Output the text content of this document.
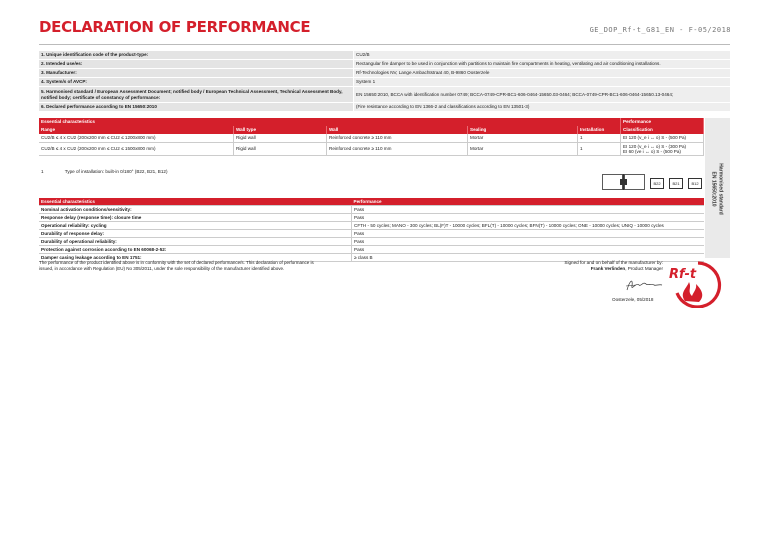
DECLARATION OF PERFORMANCE	GE_DOP_Rf-t_G81_EN - F-05/2018
1. Unique identification code of the product-type:	CU2/B
2. Intended use/es:	Rectangular fire damper to be used in conjunction with partitions to maintain fire compartments in heating, ventilating and air conditioning installations.
3. Manufacturer:	Rf-Technologies NV, Lange Ambachtstraat 40, B-9860 Oosterzele
4. System/s of AVCP:	System 1
5. Harmonised standard / European Assessment Document; notified body / European Technical Assessment, Technical Assessment Body, notified body; certificate of constancy of performance:	EN 15650:2010, BCCA with identification number 0749; BCCA-0749-CPR-BC1-606-0464-15650.03-0464; BCCA-0749-CPR-BC1-606-0464-15650.13-0464;
6. Declared performance according to EN 15650:2010	(Fire resistance according to EN 1366-2 and classifications according to EN 13501-3)
Essential characteristics					Performance
Range	Wall type	Wall	Sealing	Installation	Classification
CU2/B ≤ 4 x CU2 (200x200 mm ≤ CU2 ≤ 1200x800 mm)	Rigid wall	Reinforced concrete ≥ 110 mm	Mortar	1	EI 120 (v_e i ↔ o) S - (500 Pa)

CU2/B ≤ 4 x CU2 (200x200 mm ≤ CU2 ≤ 1500x800 mm)	Rigid wall	Reinforced concrete ≥ 110 mm	Mortar	1	EI 120 (v_e i ↔ o) S - (300 Pa)
EI 60 (ve i ↔ o) S - (500 Pa)
1	Type of installation: built-in 0/180° (B22, B21, B12)
B22	B21	B12
Essential characteristics	Performance
Nominal activation conditions/sensitivity:	Pass
Response delay (response time): closure time	Pass
Operational reliability: cycling	CFTH - 50 cycles; MANO - 300 cycles; BL(F)T - 10000 cycles; BFL(T) - 10000 cycles; BFN(T) - 10000 cycles; ONE - 10000 cycles; UNIQ - 10000 cycles
Durability of response delay:	Pass
Durability of operational reliability:	Pass
Protection against corrosion according to EN 60068-2-52:	Pass
Damper casing leakage according to EN 1751:	≥ class B
Harmonised standard
EN 15650:2010
The performance of the product identified above is in conformity with the set of declared performance/s. This declaration of performance is issued, in accordance with Regulation (EU) No 305/2011, under the sole responsibility of the manufacturer identified above.
Signed for and on behalf of the manufacturer by:
Frank Verlinden, Product Manager
Oosterzele, 05/2018
Rf-t
